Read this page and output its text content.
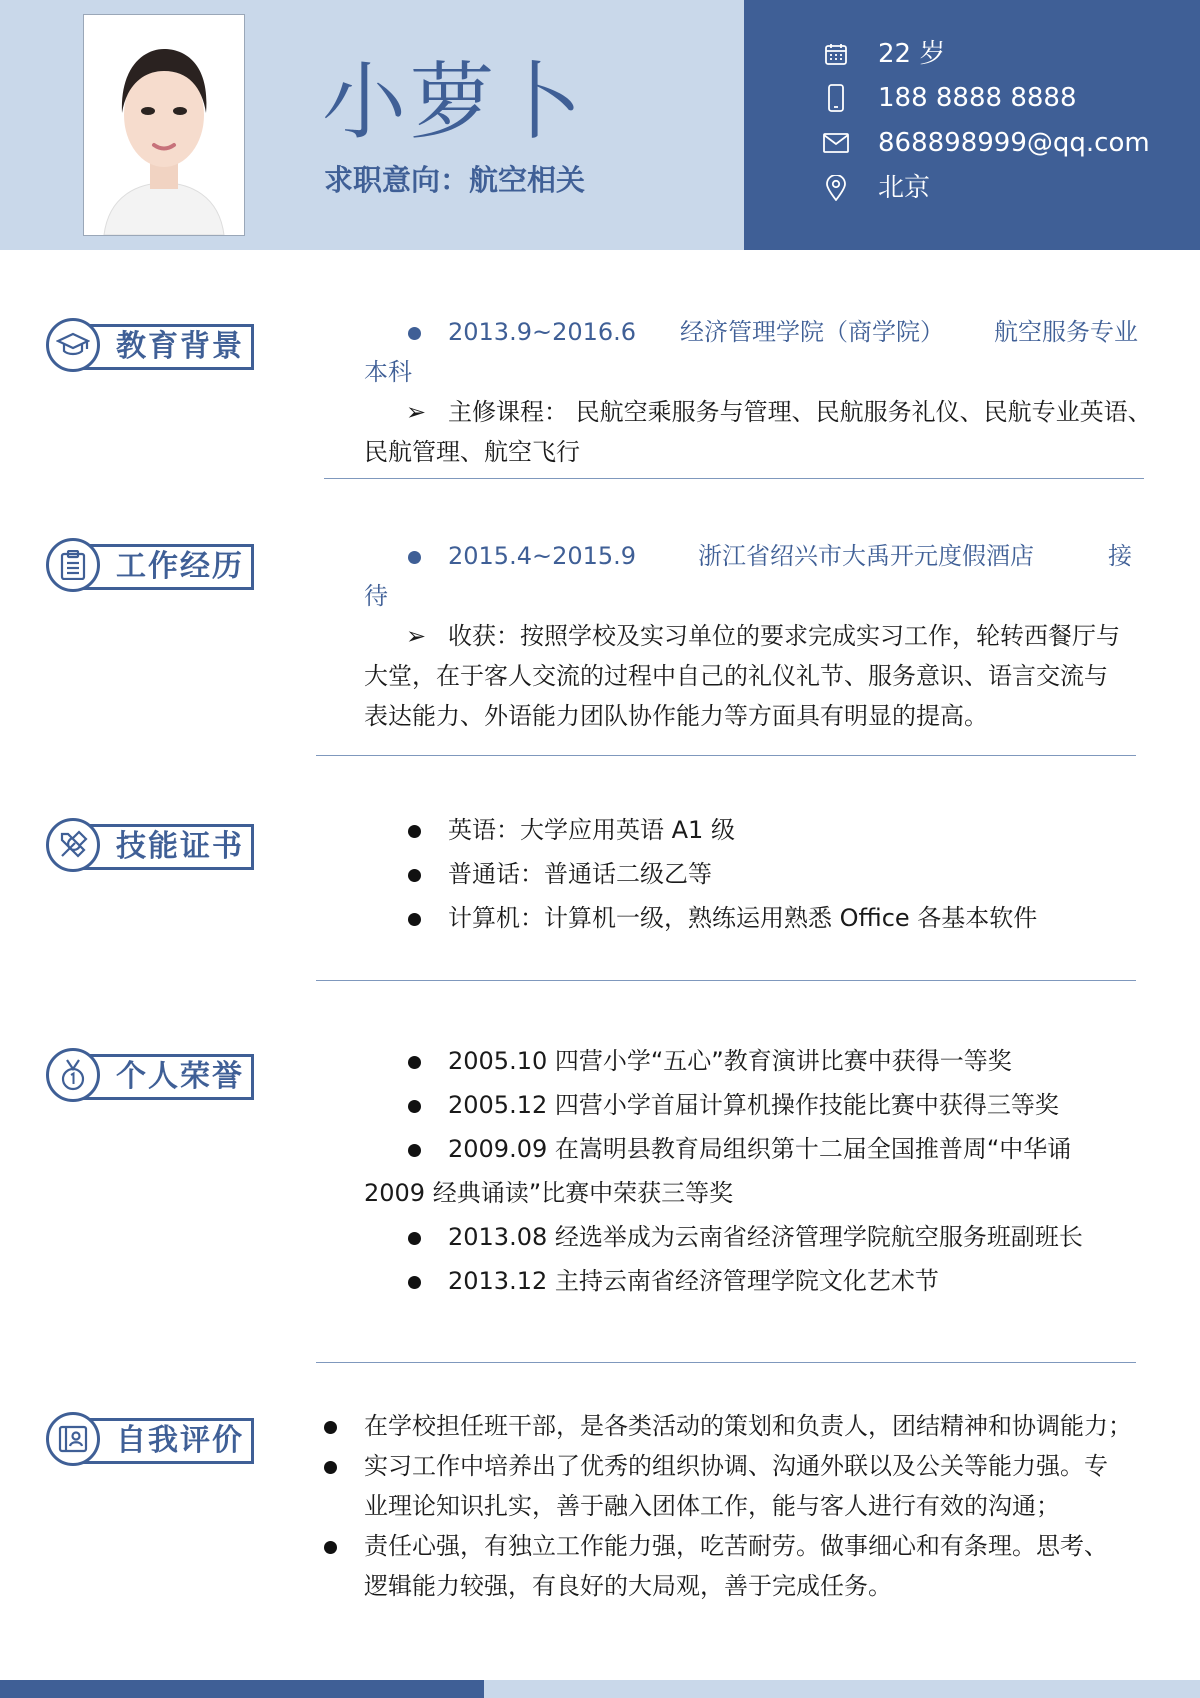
小萝卜
求职意向：航空相关
22 岁
188 8888 8888
868898999@qq.com
北京
教育背景	2013.9~2016.6 经济管理学院（商学院） 航空服务专业
本科
➢ 主修课程： 民航空乘服务与管理、民航服务礼仪、民航专业英语、
民航管理、航空飞行
工作经历	2015.4~2015.9	浙江省绍兴市大禹开元度假酒店	接
待
➢ 收获：按照学校及实习单位的要求完成实习工作，轮转西餐厅与
大堂，在于客人交流的过程中自己的礼仪礼节、服务意识、语言交流与
表达能力、外语能力团队协作能力等方面具有明显的提高。
技能证书	英语：大学应用英语 A1 级
普通话：普通话二级乙等
计算机：计算机一级，熟练运用熟悉 Office 各基本软件
个人荣誉	2005.10 四营小学“五心”教育演讲比赛中获得一等奖
2005.12 四营小学首届计算机操作技能比赛中获得三等奖
2009.09 在嵩明县教育局组织第十二届全国推普周“中华诵
2009 经典诵读”比赛中荣获三等奖
2013.08 经选举成为云南省经济管理学院航空服务班副班长
2013.12 主持云南省经济管理学院文化艺术节
自我评价	在学校担任班干部，是各类活动的策划和负责人，团结精神和协调能力；
实习工作中培养出了优秀的组织协调、沟通外联以及公关等能力强。专
业理论知识扎实，善于融入团体工作，能与客人进行有效的沟通；
责任心强，有独立工作能力强，吃苦耐劳。做事细心和有条理。思考、
逻辑能力较强，有良好的大局观，善于完成任务。
